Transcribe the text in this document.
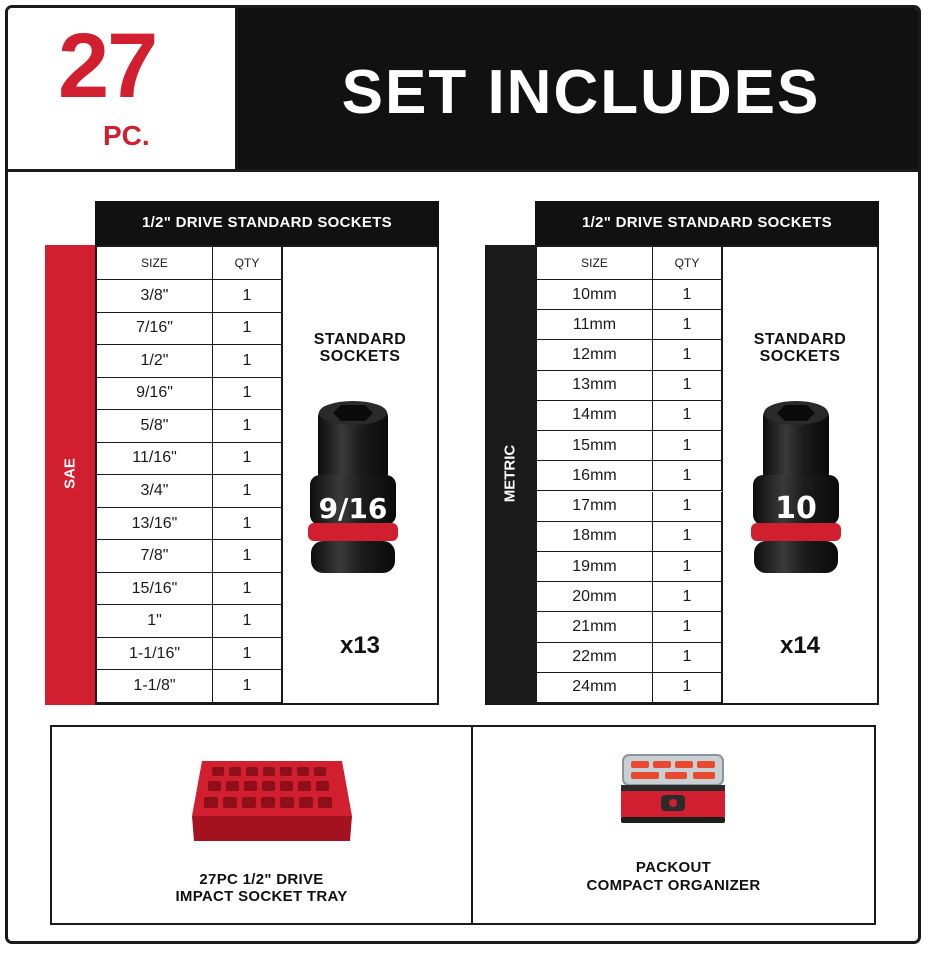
27
PC.
SET INCLUDES
SAE
1/2" DRIVE STANDARD SOCKETS
SIZE	QTY
3/8"	1
7/16"	1
1/2"	1
9/16"	1
5/8"	1
11/16"	1
3/4"	1
13/16"	1
7/8"	1
15/16"	1
1"	1
1-1/16"	1
1-1/8"	1
STANDARD
SOCKETS
9/16
x13
METRIC
1/2" DRIVE STANDARD SOCKETS
SIZE	QTY
10mm	1
11mm	1
12mm	1
13mm	1
14mm	1
15mm	1
16mm	1
17mm	1
18mm	1
19mm	1
20mm	1
21mm	1
22mm	1
24mm	1
STANDARD
SOCKETS
10
x14
27PC 1/2" DRIVE
IMPACT SOCKET TRAY
PACKOUT
COMPACT ORGANIZER
